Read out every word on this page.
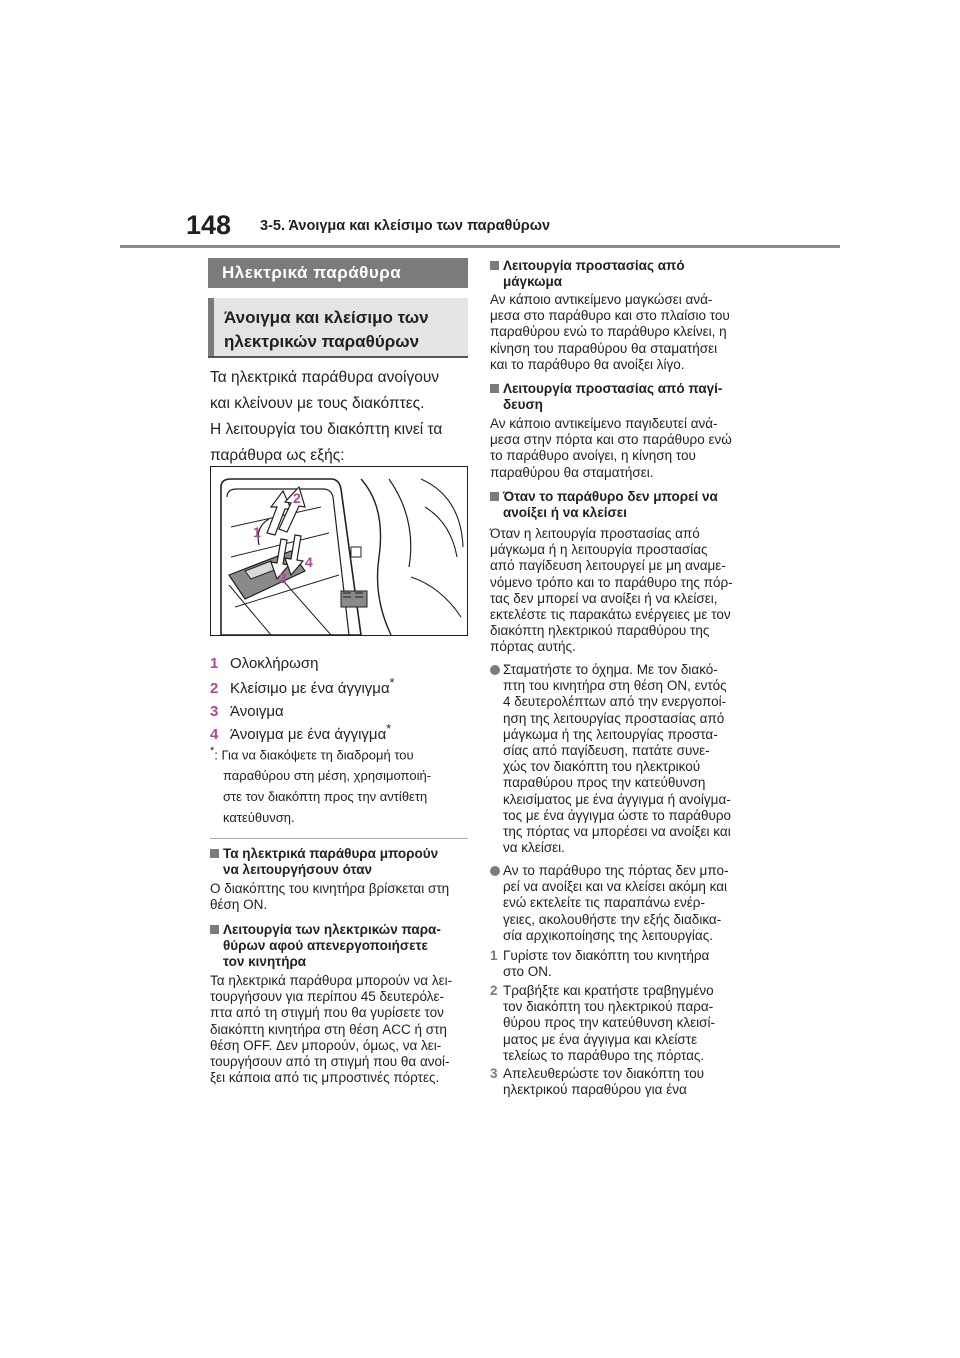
148 3-5. Άνοιγμα και κλείσιμο των παραθύρων
Ηλεκτρικά παράθυρα
Άνοιγμα και κλείσιμο των
ηλεκτρικών παραθύρων
Τα ηλεκτρικά παράθυρα ανοίγουν
και κλείνουν με τους διακόπτες.
Η λειτουργία του διακόπτη κινεί τα
παράθυρα ως εξής:
1
2
3
4
1 Ολοκλήρωση
2 Κλείσιμο με ένα άγγιγμα*
3 Άνοιγμα
4 Άνοιγμα με ένα άγγιγμα*
*: Για να διακόψετε τη διαδρομή του
παραθύρου στη μέση, χρησιμοποιή-
στε τον διακόπτη προς την αντίθετη
κατεύθυνση.
Τα ηλεκτρικά παράθυρα μπορούν
να λειτουργήσουν όταν
Ο διακόπτης του κινητήρα βρίσκεται στη
θέση ON.
Λειτουργία των ηλεκτρικών παρα-
θύρων αφού απενεργοποιήσετε
τον κινητήρα
Τα ηλεκτρικά παράθυρα μπορούν να λει-
τουργήσουν για περίπου 45 δευτερόλε-
πτα από τη στιγμή που θα γυρίσετε τον
διακόπτη κινητήρα στη θέση ACC ή στη
θέση OFF. Δεν μπορούν, όμως, να λει-
τουργήσουν από τη στιγμή που θα ανοί-
ξει κάποια από τις μπροστινές πόρτες.
Λειτουργία προστασίας από
μάγκωμα
Αν κάποιο αντικείμενο μαγκώσει ανά-
μεσα στο παράθυρο και στο πλαίσιο του
παραθύρου ενώ το παράθυρο κλείνει, η
κίνηση του παραθύρου θα σταματήσει
και το παράθυρο θα ανοίξει λίγο.
Λειτουργία προστασίας από παγί-
δευση
Αν κάποιο αντικείμενο παγιδευτεί ανά-
μεσα στην πόρτα και στο παράθυρο ενώ
το παράθυρο ανοίγει, η κίνηση του
παραθύρου θα σταματήσει.
Όταν το παράθυρο δεν μπορεί να
ανοίξει ή να κλείσει
Όταν η λειτουργία προστασίας από
μάγκωμα ή η λειτουργία προστασίας
από παγίδευση λειτουργεί με μη αναμε-
νόμενο τρόπο και το παράθυρο της πόρ-
τας δεν μπορεί να ανοίξει ή να κλείσει,
εκτελέστε τις παρακάτω ενέργειες με τον
διακόπτη ηλεκτρικού παραθύρου της
πόρτας αυτής.
Σταματήστε το όχημα. Με τον διακό-
πτη του κινητήρα στη θέση ON, εντός
4 δευτερολέπτων από την ενεργοποί-
ηση της λειτουργίας προστασίας από
μάγκωμα ή της λειτουργίας προστα-
σίας από παγίδευση, πατάτε συνε-
χώς τον διακόπτη του ηλεκτρικού
παραθύρου προς την κατεύθυνση
κλεισίματος με ένα άγγιγμα ή ανοίγμα-
τος με ένα άγγιγμα ώστε το παράθυρο
της πόρτας να μπορέσει να ανοίξει και
να κλείσει.
Αν το παράθυρο της πόρτας δεν μπο-
ρεί να ανοίξει και να κλείσει ακόμη και
ενώ εκτελείτε τις παραπάνω ενέρ-
γειες, ακολουθήστε την εξής διαδικα-
σία αρχικοποίησης της λειτουργίας.
1 Γυρίστε τον διακόπτη του κινητήρα
στο ON.
2 Τραβήξτε και κρατήστε τραβηγμένο
τον διακόπτη του ηλεκτρικού παρα-
θύρου προς την κατεύθυνση κλεισί-
ματος με ένα άγγιγμα και κλείστε
τελείως το παράθυρο της πόρτας.
3 Απελευθερώστε τον διακόπτη του
ηλεκτρικού παραθύρου για ένα
